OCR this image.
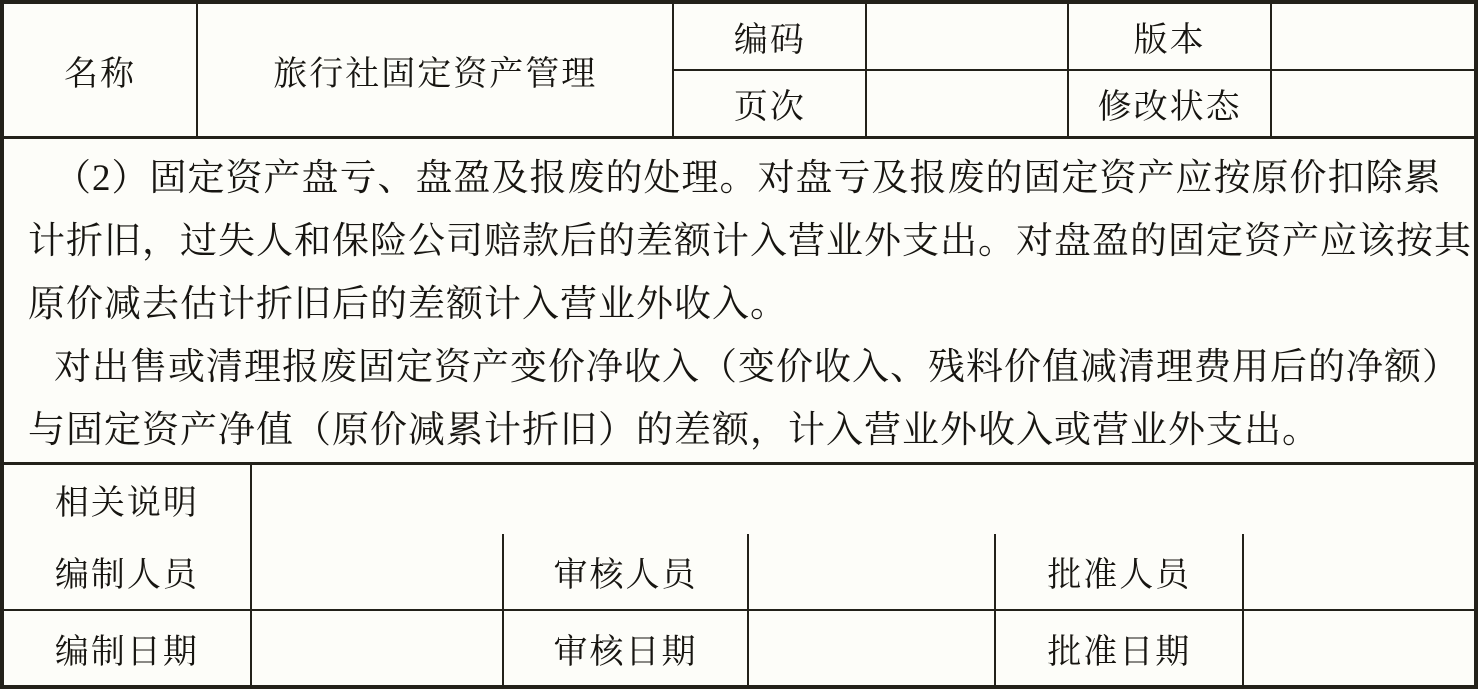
名称	旅行社固定资产管理	编码		版本	
		页次		修改状态	
（2）固定资产盘亏、盘盈及报废的处理。对盘亏及报废的固定资产应按原价扣除累
计折旧，过失人和保险公司赔款后的差额计入营业外支出。对盘盈的固定资产应该按其
原价减去估计折旧后的差额计入营业外收入。
对出售或清理报废固定资产变价净收入（变价收入、残料价值减清理费用后的净额）
与固定资产净值（原价减累计折旧）的差额，计入营业外收入或营业外支出。
相关说明	
编制人员		审核人员		批准人员	
编制日期		审核日期		批准日期	
